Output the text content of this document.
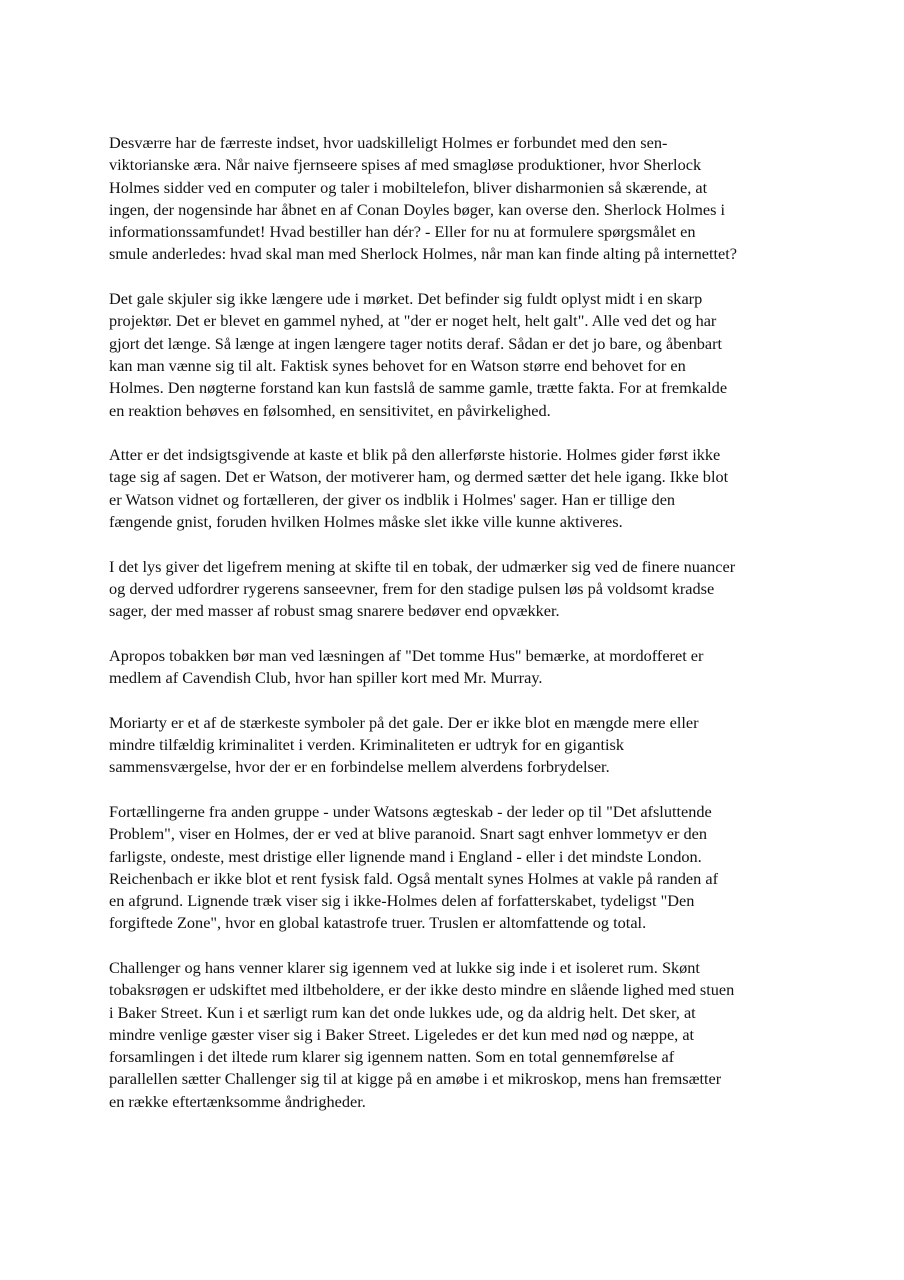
Desværre har de færreste indset, hvor uadskilleligt Holmes er forbundet med den sen-
viktorianske æra. Når naive fjernseere spises af med smagløse produktioner, hvor Sherlock
Holmes sidder ved en computer og taler i mobiltelefon, bliver disharmonien så skærende, at
ingen, der nogensinde har åbnet en af Conan Doyles bøger, kan overse den. Sherlock Holmes i
informationssamfundet! Hvad bestiller han dér? - Eller for nu at formulere spørgsmålet en
smule anderledes: hvad skal man med Sherlock Holmes, når man kan finde alting på internettet?

Det gale skjuler sig ikke længere ude i mørket. Det befinder sig fuldt oplyst midt i en skarp
projektør. Det er blevet en gammel nyhed, at "der er noget helt, helt galt". Alle ved det og har
gjort det længe. Så længe at ingen længere tager notits deraf. Sådan er det jo bare, og åbenbart
kan man vænne sig til alt. Faktisk synes behovet for en Watson større end behovet for en
Holmes. Den nøgterne forstand kan kun fastslå de samme gamle, trætte fakta. For at fremkalde
en reaktion behøves en følsomhed, en sensitivitet, en påvirkelighed.

Atter er det indsigtsgivende at kaste et blik på den allerførste historie. Holmes gider først ikke
tage sig af sagen. Det er Watson, der motiverer ham, og dermed sætter det hele igang. Ikke blot
er Watson vidnet og fortælleren, der giver os indblik i Holmes' sager. Han er tillige den
fængende gnist, foruden hvilken Holmes måske slet ikke ville kunne aktiveres.

I det lys giver det ligefrem mening at skifte til en tobak, der udmærker sig ved de finere nuancer
og derved udfordrer rygerens sanseevner, frem for den stadige pulsen løs på voldsomt kradse
sager, der med masser af robust smag snarere bedøver end opvækker.

Apropos tobakken bør man ved læsningen af "Det tomme Hus" bemærke, at mordofferet er
medlem af Cavendish Club, hvor han spiller kort med Mr. Murray.

Moriarty er et af de stærkeste symboler på det gale. Der er ikke blot en mængde mere eller
mindre tilfældig kriminalitet i verden. Kriminaliteten er udtryk for en gigantisk
sammensværgelse, hvor der er en forbindelse mellem alverdens forbrydelser.

Fortællingerne fra anden gruppe - under Watsons ægteskab - der leder op til "Det afsluttende
Problem", viser en Holmes, der er ved at blive paranoid. Snart sagt enhver lommetyv er den
farligste, ondeste, mest dristige eller lignende mand i England - eller i det mindste London.
Reichenbach er ikke blot et rent fysisk fald. Også mentalt synes Holmes at vakle på randen af
en afgrund. Lignende træk viser sig i ikke-Holmes delen af forfatterskabet, tydeligst "Den
forgiftede Zone", hvor en global katastrofe truer. Truslen er altomfattende og total.

Challenger og hans venner klarer sig igennem ved at lukke sig inde i et isoleret rum. Skønt
tobaksrøgen er udskiftet med iltbeholdere, er der ikke desto mindre en slående lighed med stuen
i Baker Street. Kun i et særligt rum kan det onde lukkes ude, og da aldrig helt. Det sker, at
mindre venlige gæster viser sig i Baker Street. Ligeledes er det kun med nød og næppe, at
forsamlingen i det iltede rum klarer sig igennem natten. Som en total gennemførelse af
parallellen sætter Challenger sig til at kigge på en amøbe i et mikroskop, mens han fremsætter
en række eftertænksomme åndrigheder.
